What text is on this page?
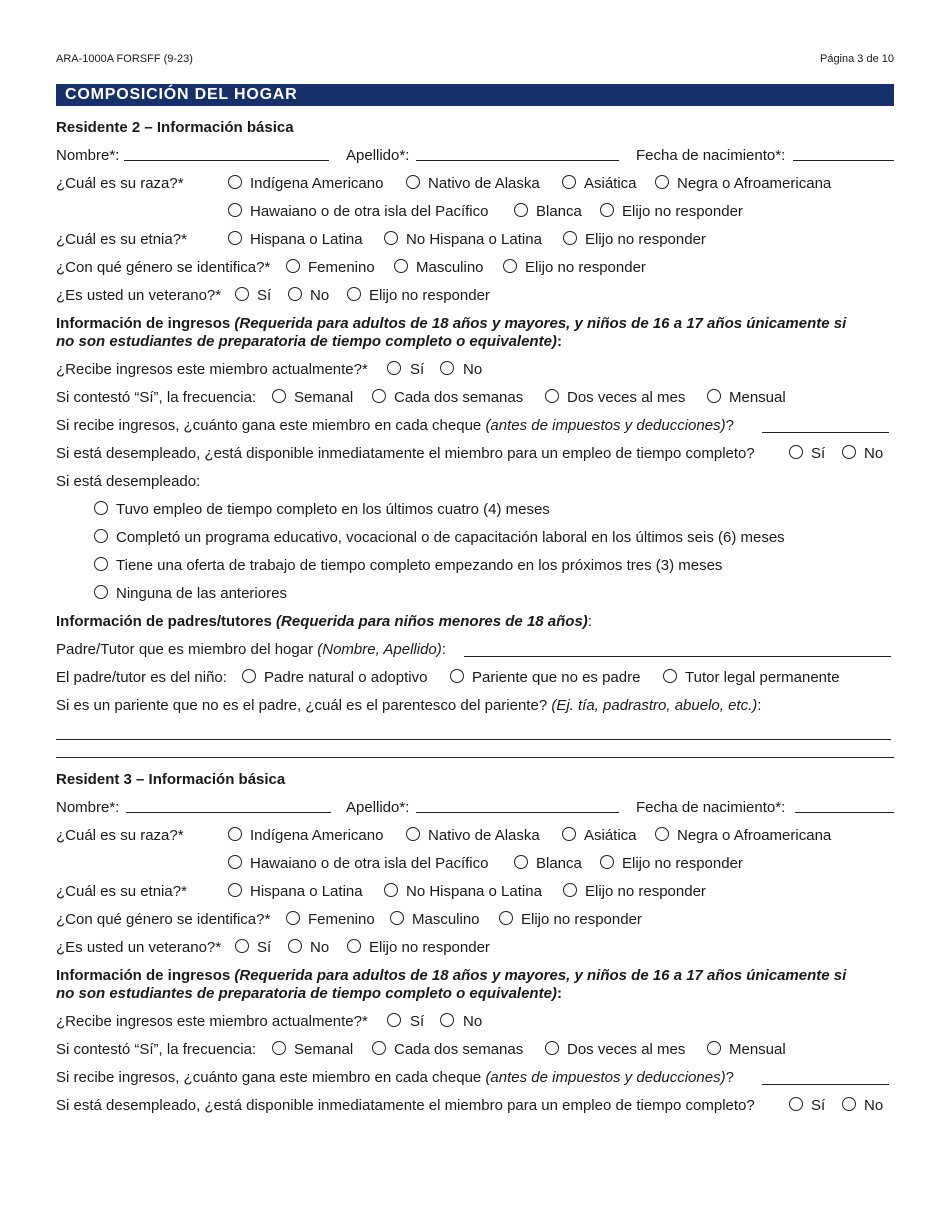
ARA-1000A FORSFF (9-23)	Página 3 de 10
COMPOSICIÓN DEL HOGAR
Residente 2 – Información básica
Nombre*:	Apellido*:	Fecha de nacimiento*:
¿Cuál es su raza?*	Indígena Americano	Nativo de Alaska	Asiática	Negra o Afroamericana
Hawaiano o de otra isla del Pacífico	Blanca	Elijo no responder
¿Cuál es su etnia?*	Hispana o Latina	No Hispana o Latina	Elijo no responder
¿Con qué género se identifica?*	Femenino	Masculino	Elijo no responder
¿Es usted un veterano?* Sí	No	Elijo no responder
Información de ingresos (Requerida para adultos de 18 años y mayores, y niños de 16 a 17 años únicamente si
no son estudiantes de preparatoria de tiempo completo o equivalente):
¿Recibe ingresos este miembro actualmente?*	Sí	No
Si contestó “Sí”, la frecuencia:	Semanal	Cada dos semanas	Dos veces al mes	Mensual
Si recibe ingresos, ¿cuánto gana este miembro en cada cheque (antes de impuestos y deducciones)?
Si está desempleado, ¿está disponible inmediatamente el miembro para un empleo de tiempo completo?	Sí	No
Si está desempleado:
Tuvo empleo de tiempo completo en los últimos cuatro (4) meses
Completó un programa educativo, vocacional o de capacitación laboral en los últimos seis (6) meses
Tiene una oferta de trabajo de tiempo completo empezando en los próximos tres (3) meses
Ninguna de las anteriores
Información de padres/tutores (Requerida para niños menores de 18 años):
Padre/Tutor que es miembro del hogar (Nombre, Apellido):
El padre/tutor es del niño: Padre natural o adoptivo	Pariente que no es padre	Tutor legal permanente
Si es un pariente que no es el padre, ¿cuál es el parentesco del pariente? (Ej. tía, padrastro, abuelo, etc.):
Resident 3 – Información básica
Nombre*:	Apellido*:	Fecha de nacimiento*:
¿Cuál es su raza?*	Indígena Americano	Nativo de Alaska	Asiática	Negra o Afroamericana
Hawaiano o de otra isla del Pacífico	Blanca	Elijo no responder
¿Cuál es su etnia?*	Hispana o Latina	No Hispana o Latina	Elijo no responder
¿Con qué género se identifica?*	Femenino Masculino	Elijo no responder
¿Es usted un veterano?* Sí	No	Elijo no responder
Información de ingresos (Requerida para adultos de 18 años y mayores, y niños de 16 a 17 años únicamente si
no son estudiantes de preparatoria de tiempo completo o equivalente):
¿Recibe ingresos este miembro actualmente?*	Sí	No
Si contestó “Sí”, la frecuencia:	Semanal	Cada dos semanas	Dos veces al mes	Mensual
Si recibe ingresos, ¿cuánto gana este miembro en cada cheque (antes de impuestos y deducciones)?
Si está desempleado, ¿está disponible inmediatamente el miembro para un empleo de tiempo completo?	Sí	No
